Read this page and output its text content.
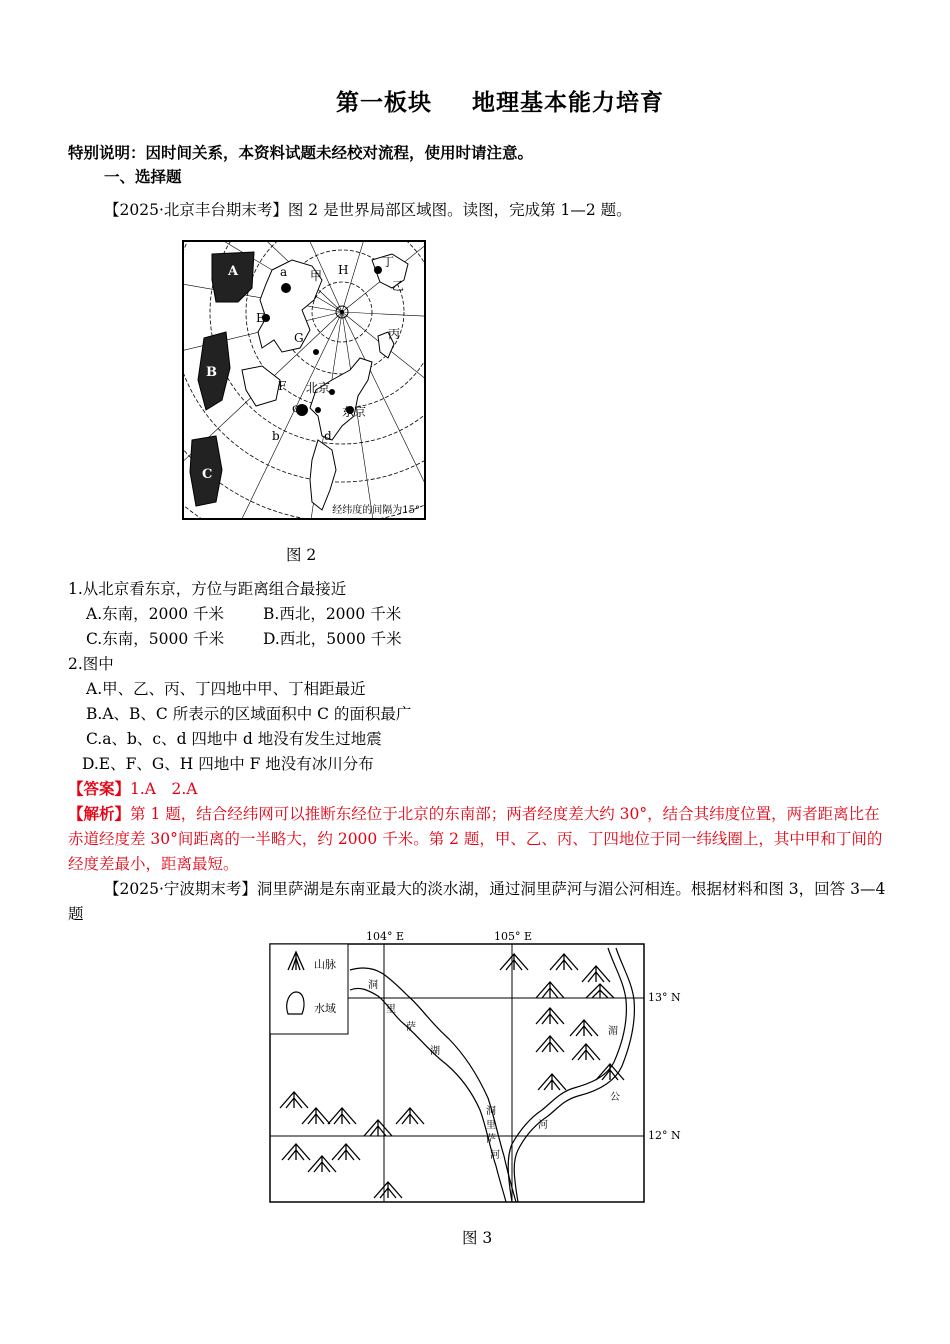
第一板块 地理基本能力培育
特别说明：因时间关系，本资料试题未经校对流程，使用时请注意。
一、选择题
【2025·北京丰台期末考】图 2 是世界局部区域图。读图，完成第 1—2 题。
A
B
C
a
b
c
d
E
F
G
H
甲
乙
丙
丁
北京
东京
经纬度的间隔为15°
图 2
1.从北京看东京，方位与距离组合最接近
A.东南，2000 千米	B.西北，2000 千米
C.东南，5000 千米	D.西北，5000 千米
2.图中
A.甲、乙、丙、丁四地中甲、丁相距最近
B.A、B、C 所表示的区域面积中 C 的面积最广
C.a、b、c、d 四地中 d 地没有发生过地震
D.E、F、G、H 四地中 F 地没有冰川分布
【答案】1.A　2.A
【解析】第 1 题，结合经纬网可以推断东经位于北京的东南部；两者经度差大约 30°，结合其纬度位置，两者距离比在赤道经度差 30°间距离的一半略大，约 2000 千米。第 2 题，甲、乙、丙、丁四地位于同一纬线圈上，其中甲和丁间的经度差最小，距离最短。
【2025·宁波期末考】洞里萨湖是东南亚最大的淡水湖，通过洞里萨河与湄公河相连。根据材料和图 3，回答 3—4 题
104° E	105° E
13° N
12° N
山脉
水域
洞
里
萨
湖
洞
里
萨
河
湄
公
河
图 3
